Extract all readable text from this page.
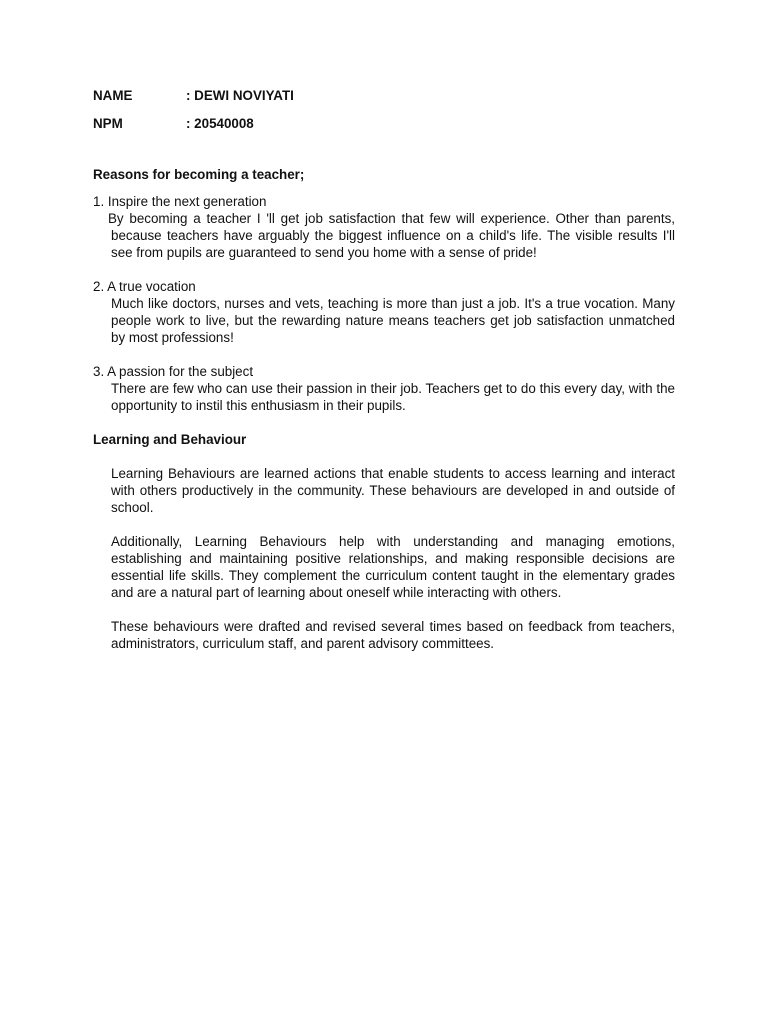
NAME	: DEWI NOVIYATI
NPM	: 20540008

Reasons for becoming a teacher;

1. Inspire the next generation

By becoming a teacher I 'll get job satisfaction that few will experience. Other than parents, because teachers have arguably the biggest influence on a child's life. The visible results I'll see from pupils are guaranteed to send you home with a sense of pride!

2. A true vocation

Much like doctors, nurses and vets, teaching is more than just a job. It's a true vocation. Many people work to live, but the rewarding nature means teachers get job satisfaction unmatched by most professions!

3. A passion for the subject

There are few who can use their passion in their job. Teachers get to do this every day, with the opportunity to instil this enthusiasm in their pupils.

Learning and Behaviour

Learning Behaviours are learned actions that enable students to access learning and interact with others productively in the community. These behaviours are developed in and outside of school.

Additionally, Learning Behaviours help with understanding and managing emotions, establishing and maintaining positive relationships, and making responsible decisions are essential life skills. They complement the curriculum content taught in the elementary grades and are a natural part of learning about oneself while interacting with others.

These behaviours were drafted and revised several times based on feedback from teachers, administrators, curriculum staff, and parent advisory committees.
